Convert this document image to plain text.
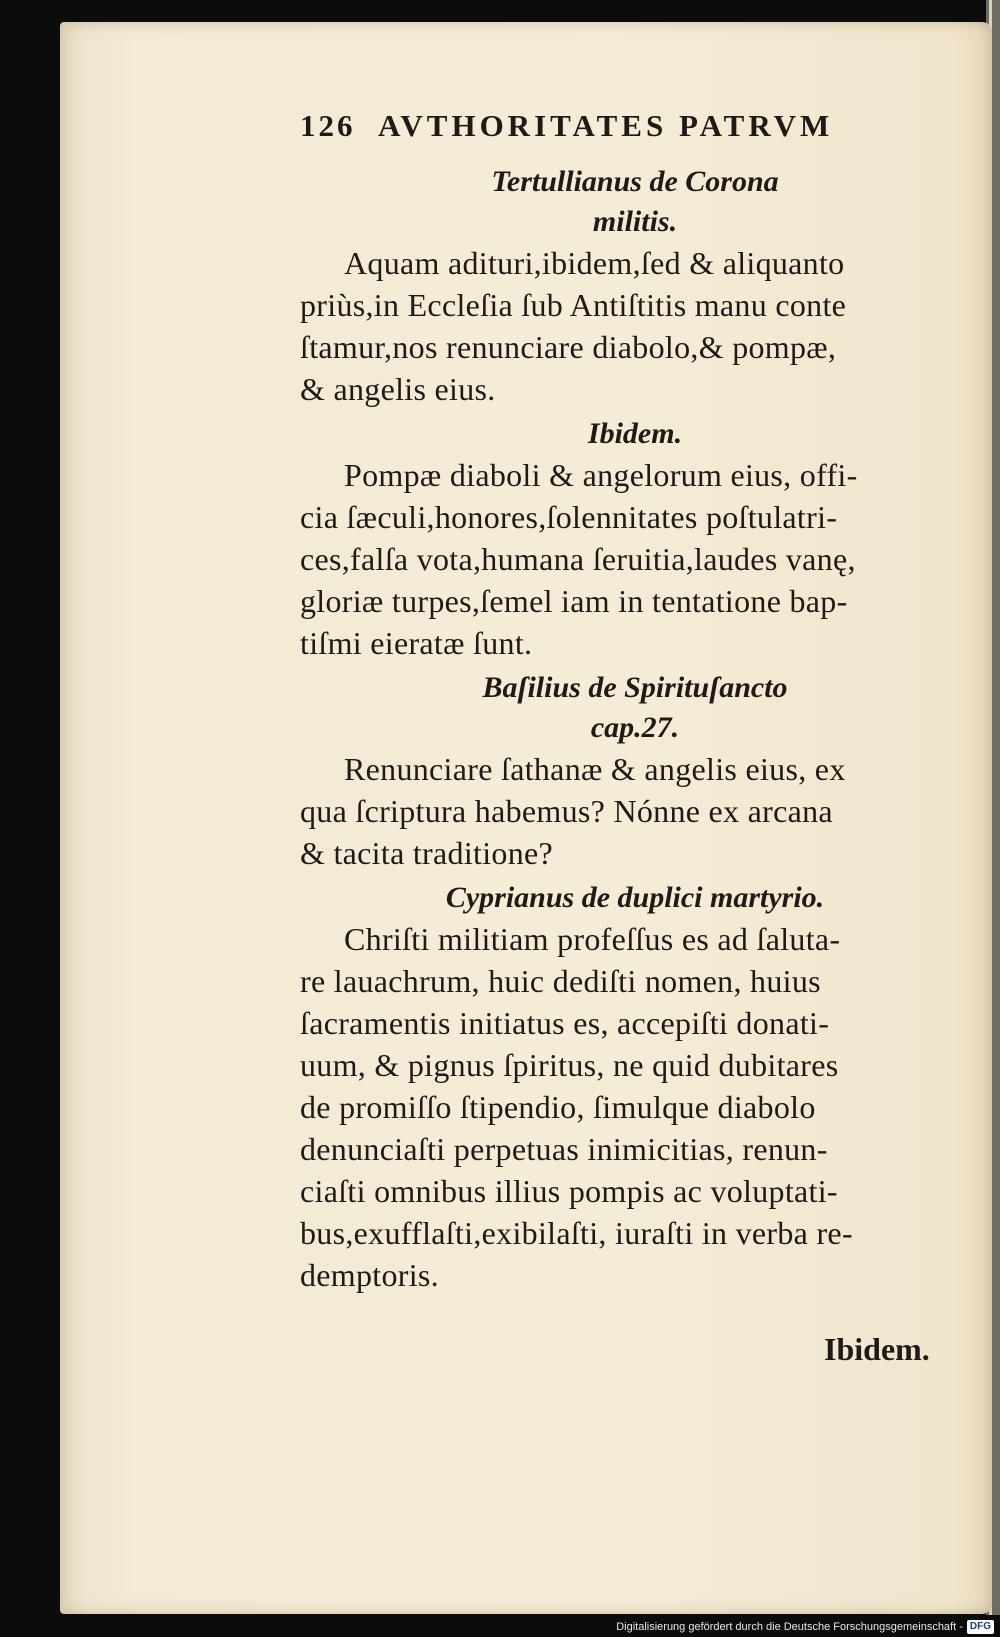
126 AVTHORITATES PATRVM
Tertullianus de Corona
militis.
Aquam adituri,ibidem,ſed & aliquanto
priùs,in Eccleſia ſub Antiſtitis manu conte
ſtamur,nos renunciare diabolo,& pompæ,
& angelis eius.
Ibidem.
Pompæ diaboli & angelorum eius, offi-
cia ſæculi,honores,ſolennitates poſtulatri-
ces,falſa vota,humana ſeruitia,laudes vanę,
gloriæ turpes,ſemel iam in tentatione bap-
tiſmi eieratæ ſunt.
Baſilius de Spirituſancto
cap.27.
Renunciare ſathanæ & angelis eius, ex
qua ſcriptura habemus? Nónne ex arcana
& tacita traditione?
Cyprianus de duplici martyrio.
Chriſti militiam profeſſus es ad ſaluta-
re lauachrum, huic dediſti nomen, huius
ſacramentis initiatus es, accepiſti donati-
uum, & pignus ſpiritus, ne quid dubitares
de promiſſo ſtipendio, ſimulque diabolo
denunciaſti perpetuas inimicitias, renun-
ciaſti omnibus illius pompis ac voluptati-
bus,exufflaſti,exibilaſti, iuraſti in verba re-
demptoris.
Ibidem.
Digitalisierung gefördert durch die Deutsche Forschungsgemeinschaft - DFG
